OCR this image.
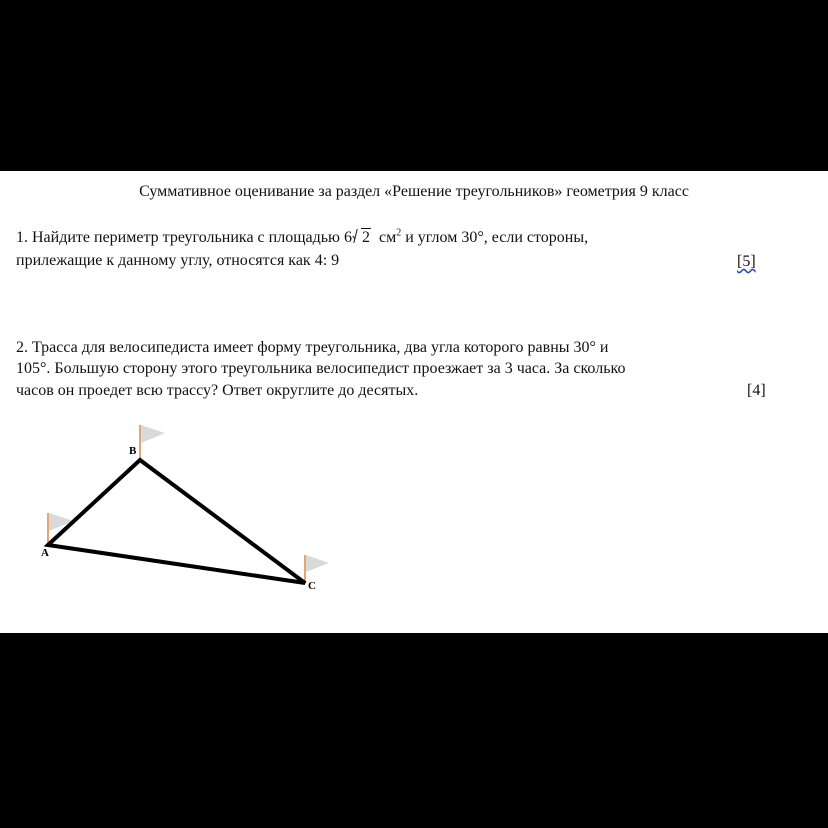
Суммативное оценивание за раздел «Решение треугольников» геометрия 9 класс
1. Найдите периметр треугольника с площадью 6 2 $см^2$ и углом 30°, если стороны,
прилежащие к данному углу, относятся как 4: 9	[5]
2. Трасса для велосипедиста имеет форму треугольника, два угла которого равны 30° и
105°. Большую сторону этого треугольника велосипедист проезжает за 3 часа. За сколько
часов он проедет всю трассу? Ответ округлите до десятых.	[4]
B
A
C
